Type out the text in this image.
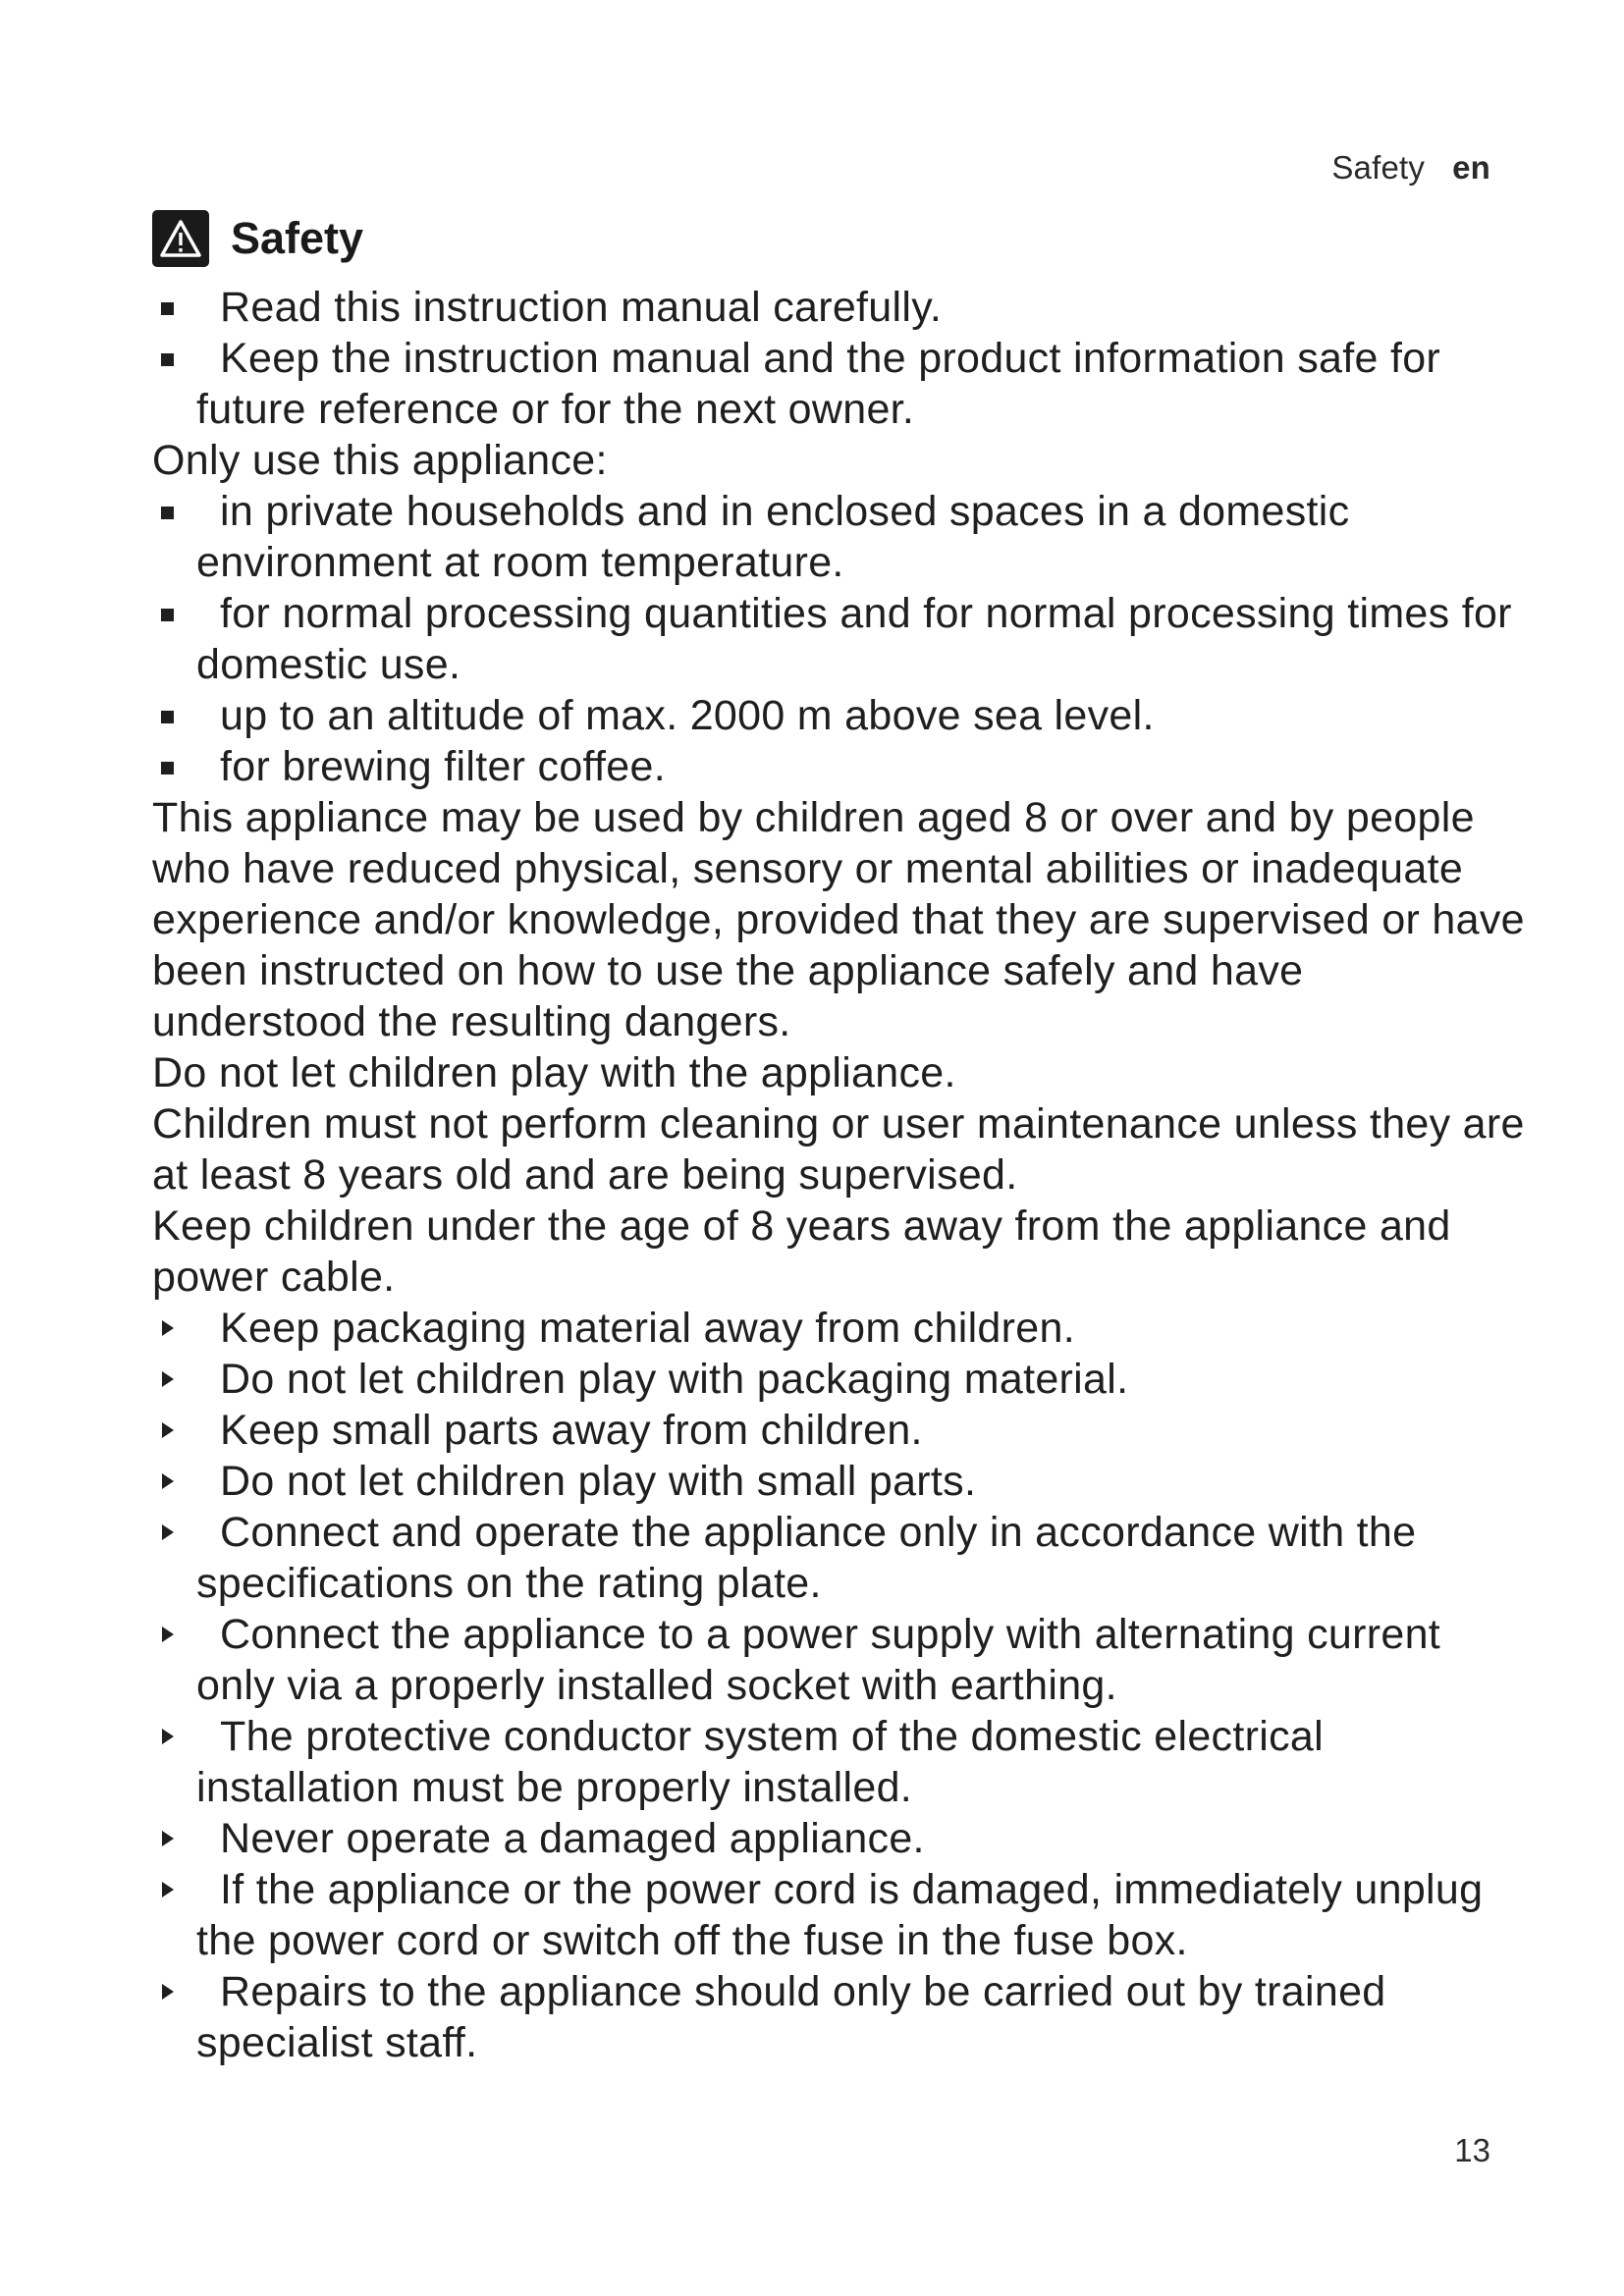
Safety en
Safety
Read this instruction manual carefully.
Keep the instruction manual and the product information safe for future reference or for the next owner.
Only use this appliance:
in private households and in enclosed spaces in a domestic environment at room temperature.
for normal processing quantities and for normal processing times for domestic use.
up to an altitude of max. 2000 m above sea level.
for brewing filter coffee.
This appliance may be used by children aged 8 or over and by people who have reduced physical, sensory or mental abilities or inadequate experience and/or knowledge, provided that they are supervised or have been instructed on how to use the appliance safely and have understood the resulting dangers.
Do not let children play with the appliance.
Children must not perform cleaning or user maintenance unless they are at least 8 years old and are being supervised.
Keep children under the age of 8 years away from the appliance and power cable.
Keep packaging material away from children.
Do not let children play with packaging material.
Keep small parts away from children.
Do not let children play with small parts.
Connect and operate the appliance only in accordance with the specifications on the rating plate.
Connect the appliance to a power supply with alternating current only via a properly installed socket with earthing.
The protective conductor system of the domestic electrical installation must be properly installed.
Never operate a damaged appliance.
If the appliance or the power cord is damaged, immediately unplug the power cord or switch off the fuse in the fuse box.
Repairs to the appliance should only be carried out by trained specialist staff.
13
